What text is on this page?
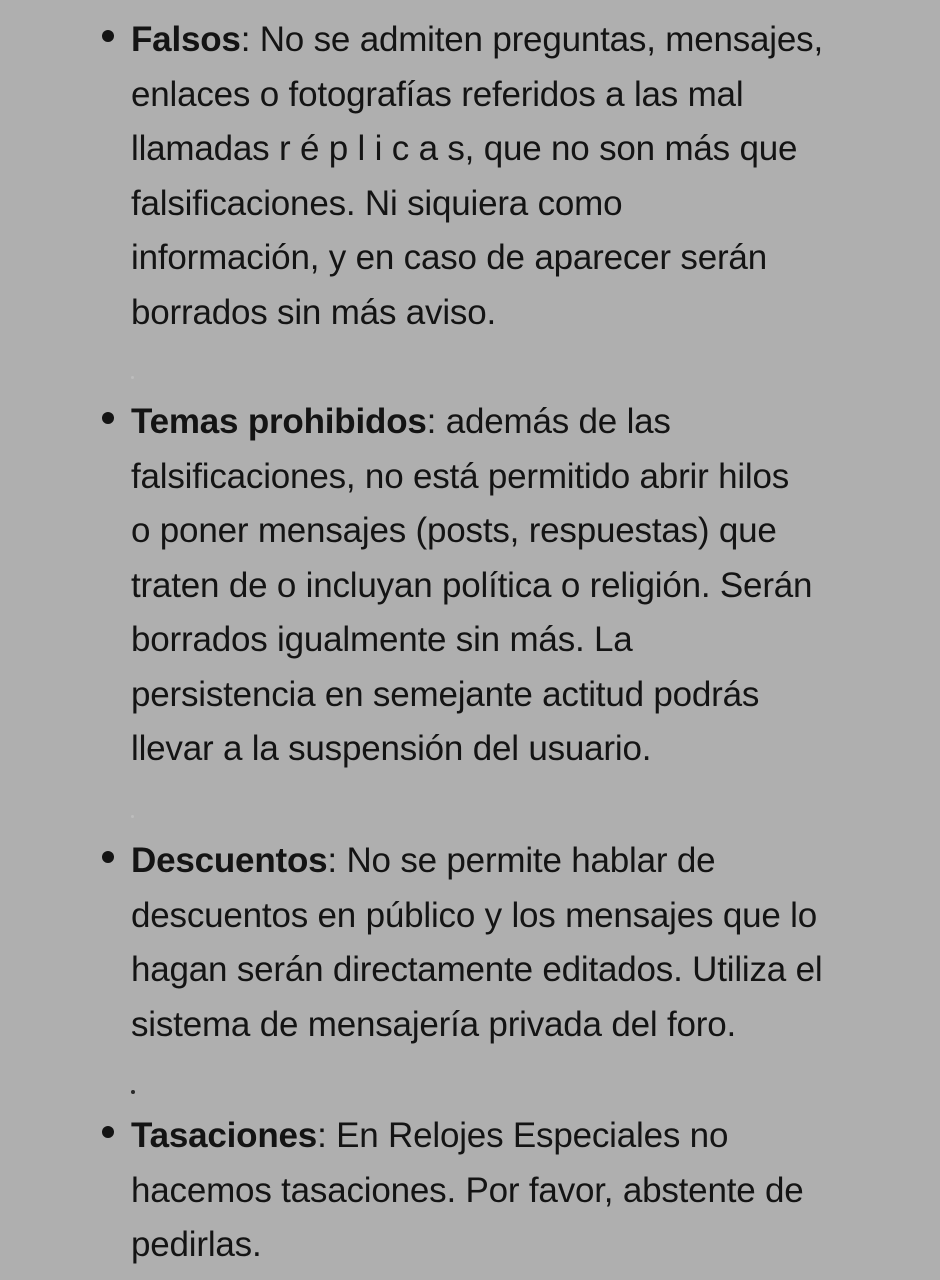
Falsos: No se admiten preguntas, mensajes,
enlaces o fotografías referidos a las mal
llamadas r é p l i c a s, que no son más que
falsificaciones. Ni siquiera como
información, y en caso de aparecer serán
borrados sin más aviso.

Temas prohibidos: además de las
falsificaciones, no está permitido abrir hilos
o poner mensajes (posts, respuestas) que
traten de o incluyan política o religión. Serán
borrados igualmente sin más. La
persistencia en semejante actitud podrás
llevar a la suspensión del usuario.

Descuentos: No se permite hablar de
descuentos en público y los mensajes que lo
hagan serán directamente editados. Utiliza el
sistema de mensajería privada del foro.

Tasaciones: En Relojes Especiales no
hacemos tasaciones. Por favor, abstente de
pedirlas.
